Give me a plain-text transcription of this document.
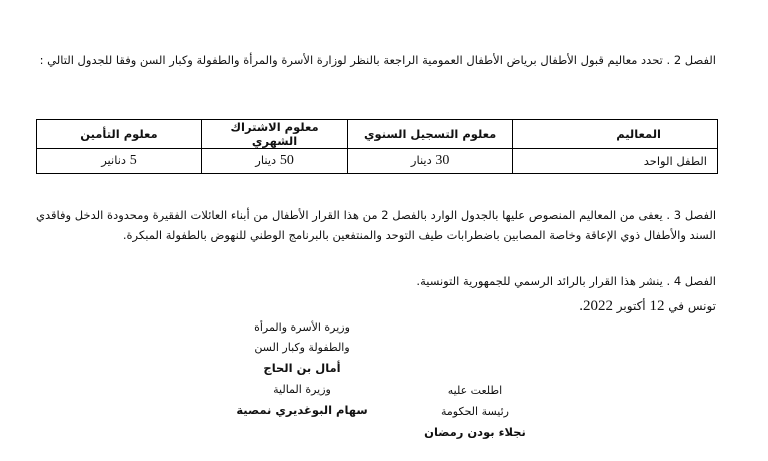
الفصل 2 . تحدد معاليم قبول الأطفال برياض الأطفال العمومية الراجعة بالنظر لوزارة الأسرة والمرأة والطفولة وكبار السن وفقا للجدول التالي :

المعاليم	معلوم التسجيل السنوي	معلوم الاشتراك الشهري	معلوم التأمين
الطفل الواحد	30 دينار	50 دينار	5 دنانير

الفصل 3 . يعفى من المعاليم المنصوص عليها بالجدول الوارد بالفصل 2 من هذا القرار الأطفال من أبناء العائلات الفقيرة ومحدودة الدخل وفاقدي السند والأطفال ذوي الإعاقة وخاصة المصابين باضطرابات طيف التوحد والمنتفعين بالبرنامج الوطني للنهوض بالطفولة المبكرة.

الفصل 4 . ينشر هذا القرار بالرائد الرسمي للجمهورية التونسية.

تونس في 12 أكتوبر 2022.
وزيرة الأسرة والمرأة والطفولة وكبار السن
أمال بن الحاج
وزيرة المالية
سهام البوغديري نمصية
اطلعت عليه
رئيسة الحكومة
نجلاء بودن رمضان
